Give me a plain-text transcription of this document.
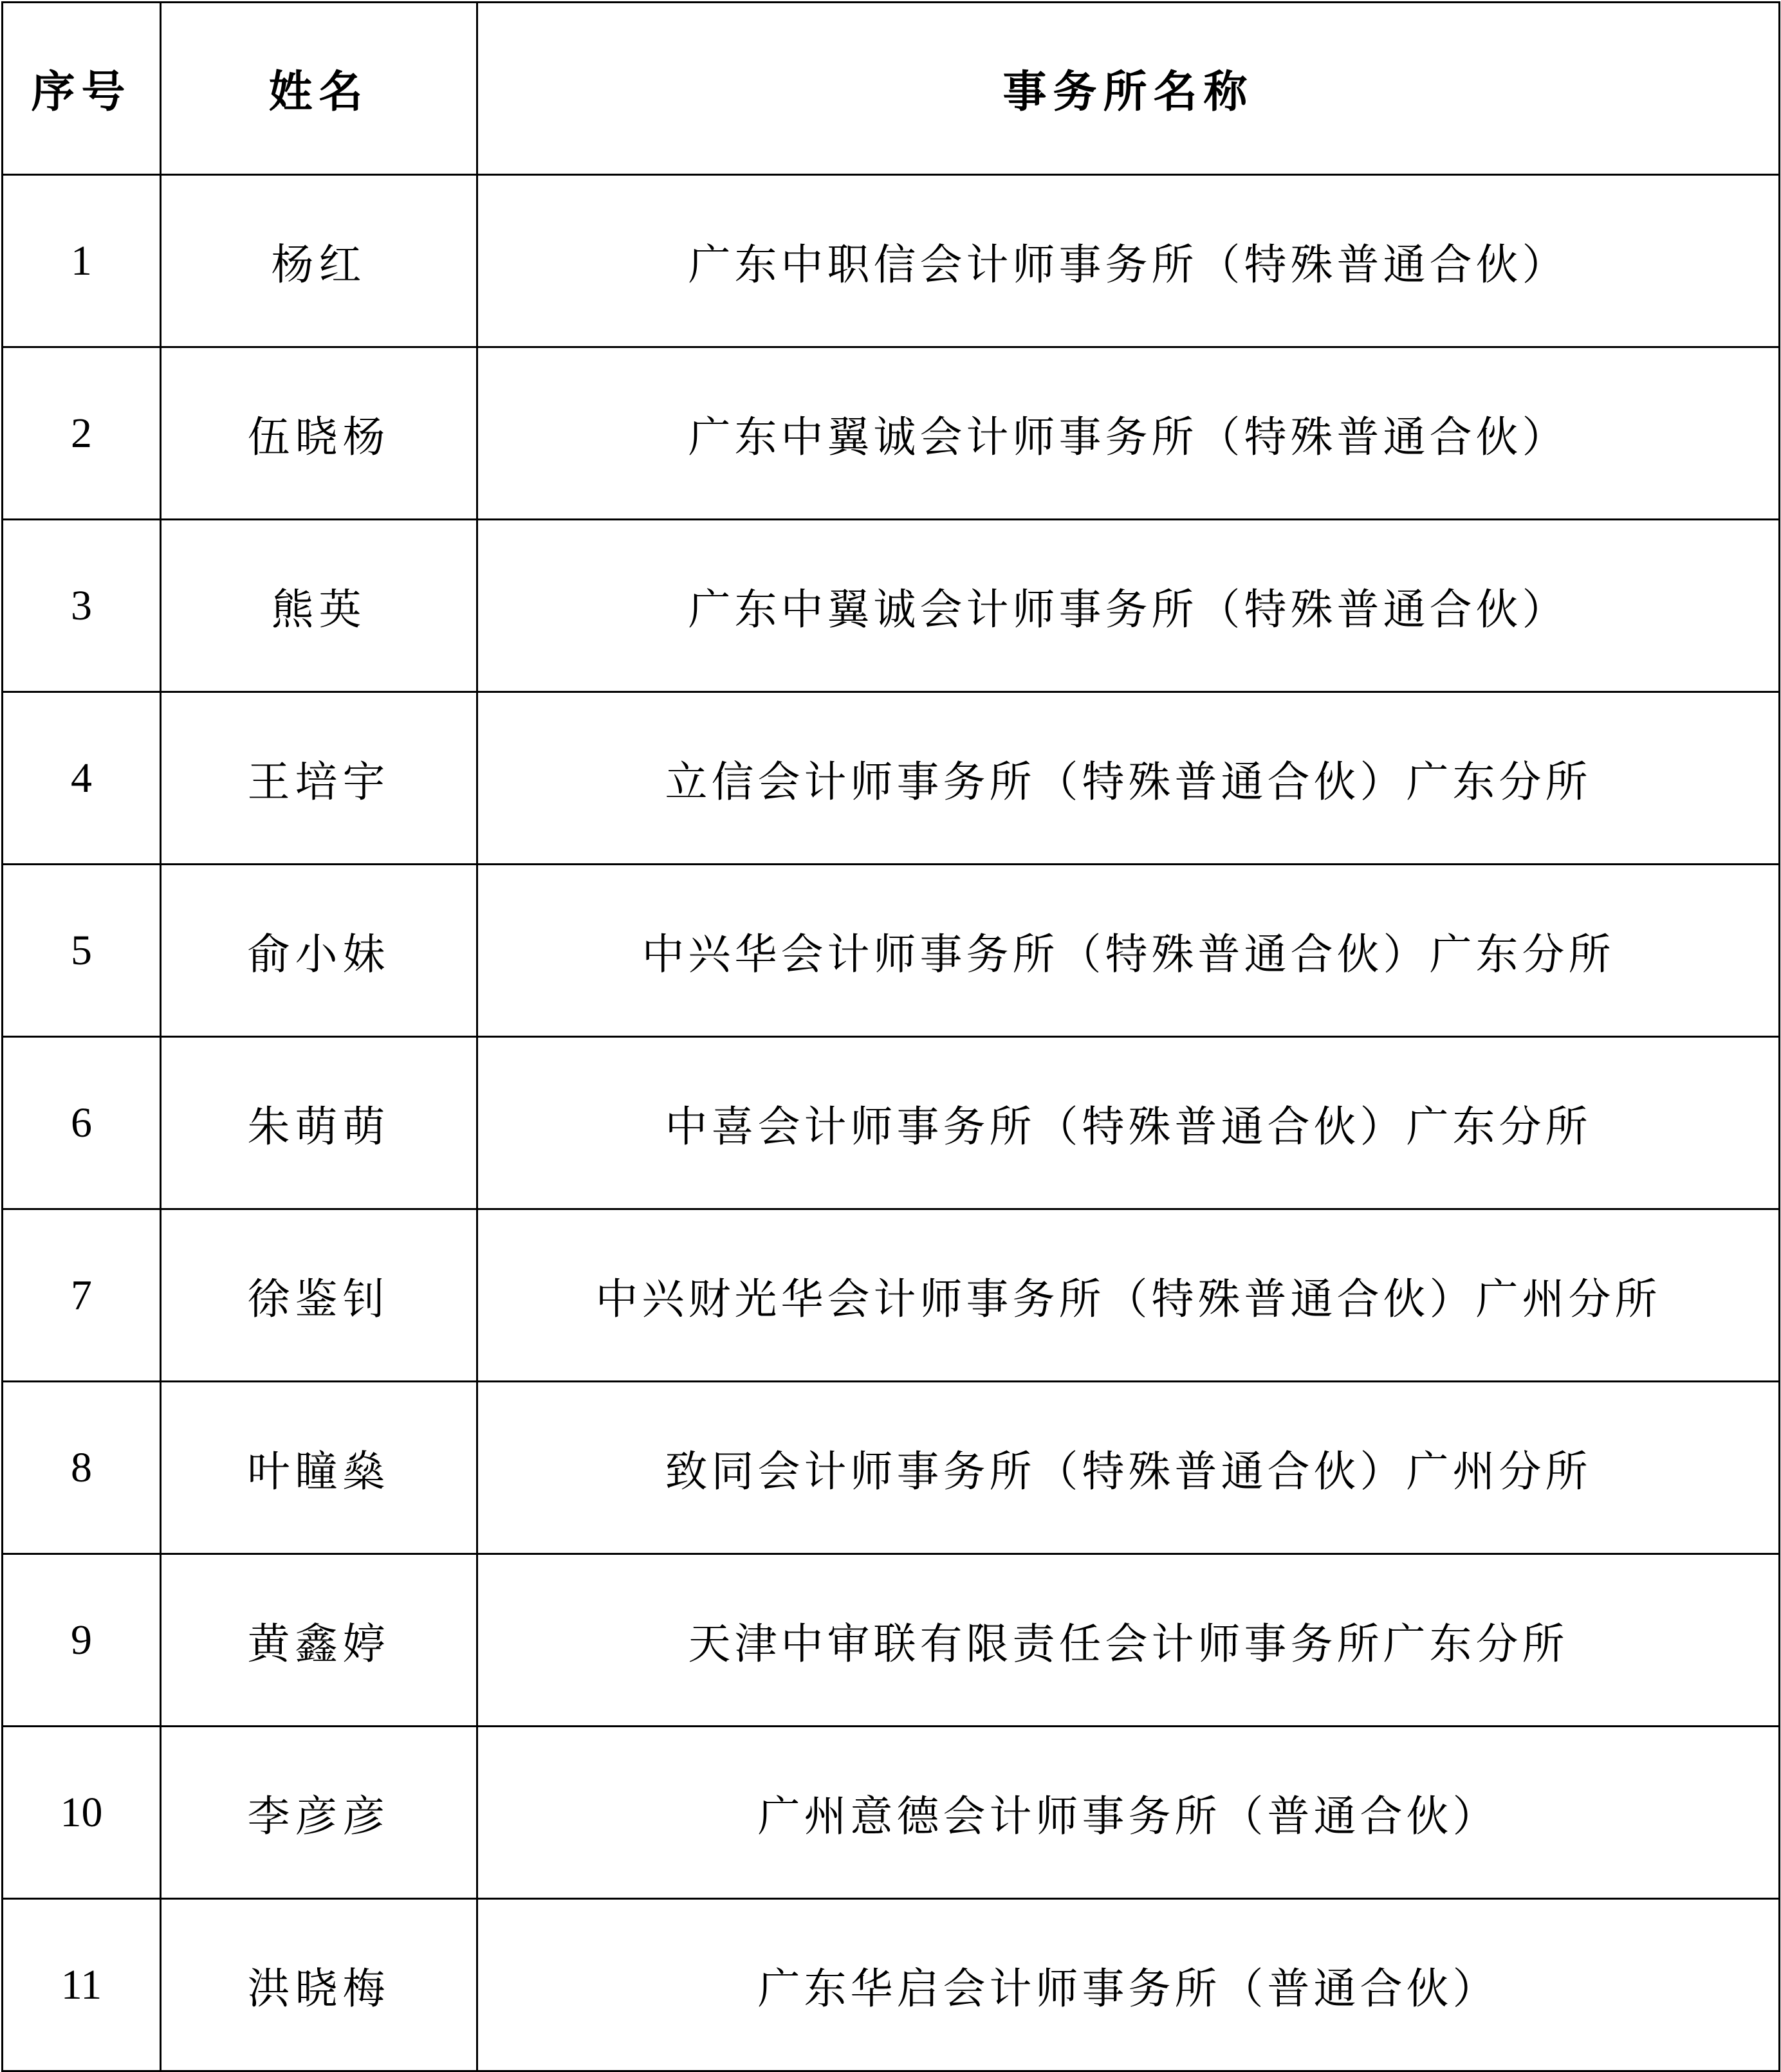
序号	姓名	事务所名称
1	杨红	广东中职信会计师事务所（特殊普通合伙）
2	伍晓杨	广东中翼诚会计师事务所（特殊普通合伙）
3	熊英	广东中翼诚会计师事务所（特殊普通合伙）
4	王培宇	立信会计师事务所（特殊普通合伙）广东分所
5	俞小妹	中兴华会计师事务所（特殊普通合伙）广东分所
6	朱萌萌	中喜会计师事务所（特殊普通合伙）广东分所
7	徐鉴钊	中兴财光华会计师事务所（特殊普通合伙）广州分所
8	叶瞳燊	致同会计师事务所（特殊普通合伙）广州分所
9	黄鑫婷	天津中审联有限责任会计师事务所广东分所
10	李彦彦	广州意德会计师事务所（普通合伙）
11	洪晓梅	广东华启会计师事务所（普通合伙）
